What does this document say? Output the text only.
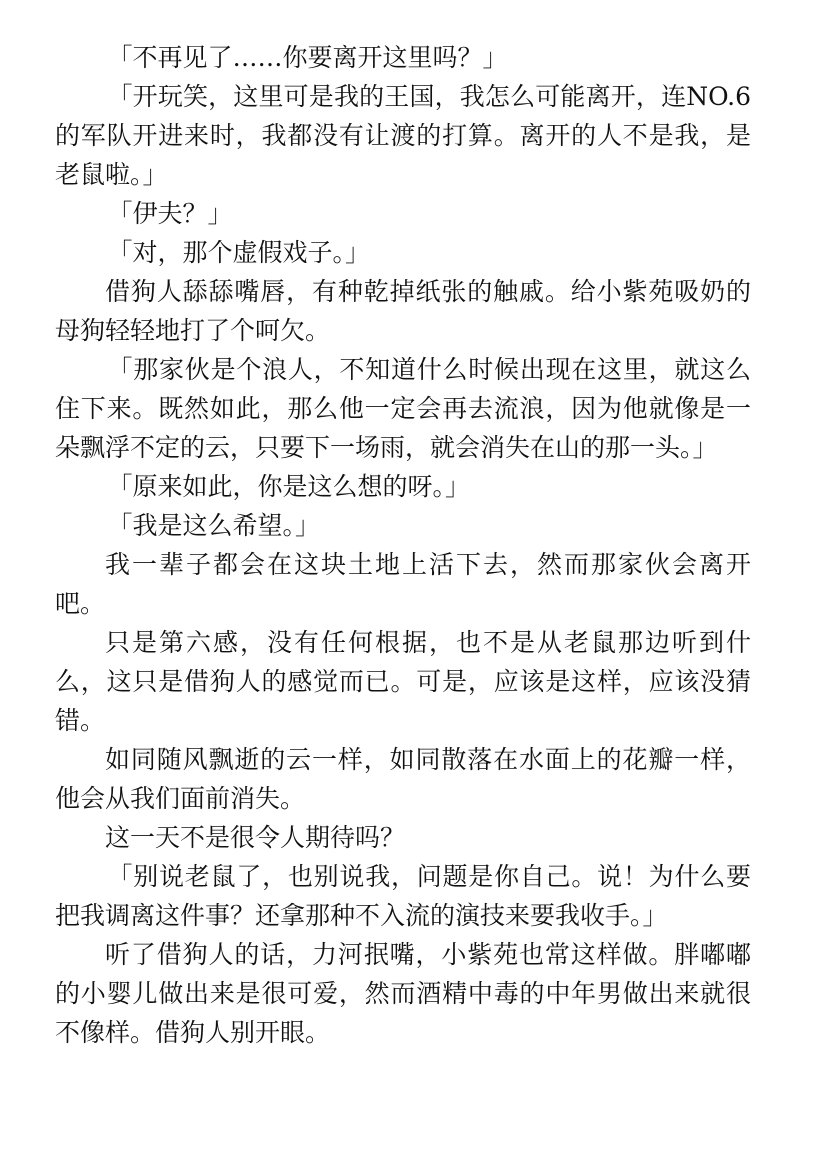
「不再见了……你要离开这里吗？」

「开玩笑，这里可是我的王国，我怎么可能离开，连NO.6的军队开进来时，我都没有让渡的打算。离开的人不是我，是老鼠啦。」

「伊夫？」

「对，那个虚假戏子。」

借狗人舔舔嘴唇，有种乾掉纸张的触戚。给小紫苑吸奶的母狗轻轻地打了个呵欠。

「那家伙是个浪人，不知道什么时候出现在这里，就这么住下来。既然如此，那么他一定会再去流浪，因为他就像是一朵飘浮不定的云，只要下一场雨，就会消失在山的那一头。」

「原来如此，你是这么想的呀。」

「我是这么希望。」

我一辈子都会在这块土地上活下去，然而那家伙会离开吧。

只是第六感，没有任何根据，也不是从老鼠那边听到什么，这只是借狗人的感觉而已。可是，应该是这样，应该没猜错。

如同随风飘逝的云一样，如同散落在水面上的花瓣一样，他会从我们面前消失。

这一天不是很令人期待吗？

「别说老鼠了，也别说我，问题是你自己。说！为什么要把我调离这件事？还拿那种不入流的演技来要我收手。」

听了借狗人的话，力河抿嘴，小紫苑也常这样做。胖嘟嘟的小婴儿做出来是很可爱，然而酒精中毒的中年男做出来就很不像样。借狗人别开眼。
